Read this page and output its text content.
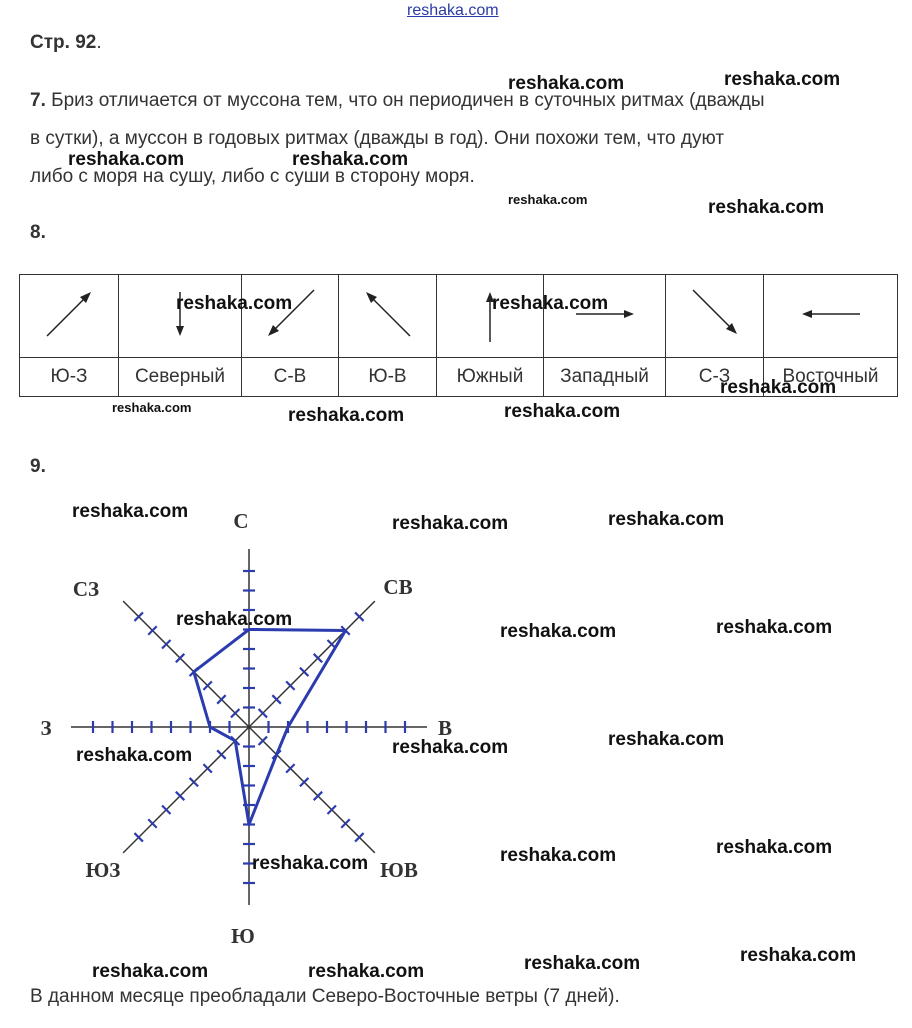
reshaka.com
Стр. 92.
7. Бриз отличается от муссона тем, что он периодичен в суточных ритмах (дважды
в сутки), а муссон в годовых ритмах (дважды в год). Они похожи тем, что дуют
либо с моря на сушу, либо с суши в сторону моря.
8.

Ю-З	Северный	С-В	Ю-В	Южный	Западный	С-З	Восточный
9.
С
СВ
В
ЮВ
Ю
ЮЗ
З
СЗ
В данном месяце преобладали Северо-Восточные ветры (7 дней).
reshaka.com	reshaka.com
reshaka.com	reshaka.com
reshaka.com	reshaka.com
reshaka.com	reshaka.com
reshaka.com
reshaka.com	reshaka.com	reshaka.com
reshaka.com
reshaka.com	reshaka.com
reshaka.com
reshaka.com	reshaka.com
reshaka.com	reshaka.com	reshaka.com
reshaka.com	reshaka.com	reshaka.com
reshaka.com	reshaka.com	reshaka.com	reshaka.com
